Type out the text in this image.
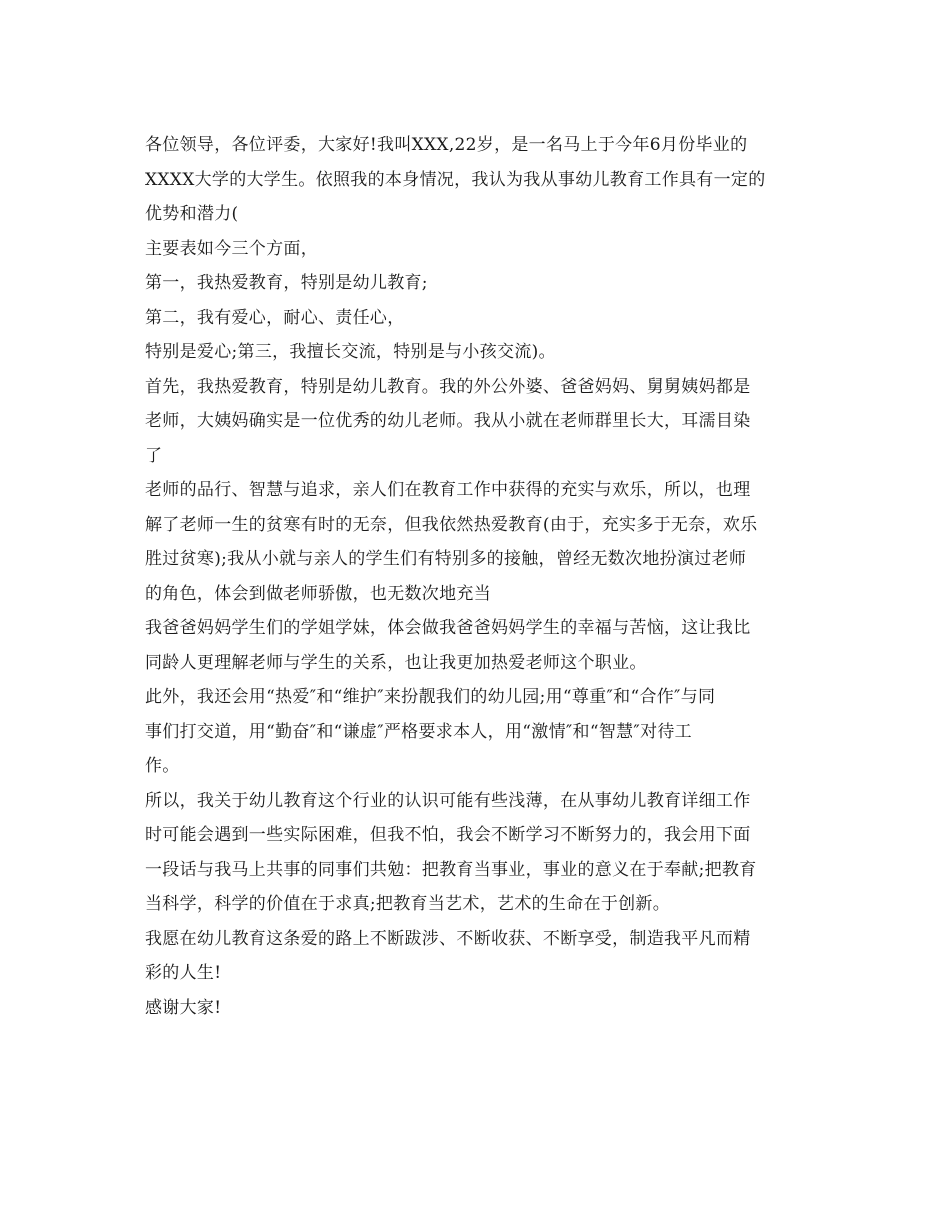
各位领导，各位评委，大家好!我叫XXX,22岁，是一名马上于今年6月份毕业的
XXXX大学的大学生。依照我的本身情况，我认为我从事幼儿教育工作具有一定的
优势和潜力(
主要表如今三个方面，
第一，我热爱教育，特别是幼儿教育;
第二，我有爱心，耐心、责任心，
特别是爱心;第三，我擅长交流，特别是与小孩交流)。
首先，我热爱教育，特别是幼儿教育。我的外公外婆、爸爸妈妈、舅舅姨妈都是
老师，大姨妈确实是一位优秀的幼儿老师。我从小就在老师群里长大，耳濡目染
了
老师的品行、智慧与追求，亲人们在教育工作中获得的充实与欢乐，所以，也理
解了老师一生的贫寒有时的无奈，但我依然热爱教育(由于，充实多于无奈，欢乐
胜过贫寒);我从小就与亲人的学生们有特别多的接触，曾经无数次地扮演过老师
的角色，体会到做老师骄傲，也无数次地充当
我爸爸妈妈学生们的学姐学妹，体会做我爸爸妈妈学生的幸福与苦恼，这让我比
同龄人更理解老师与学生的关系，也让我更加热爱老师这个职业。
此外，我还会用“热爱″和“维护″来扮靓我们的幼儿园;用“尊重″和“合作″与同
事们打交道，用“勤奋″和“谦虚″严格要求本人，用“激情″和“智慧″对待工
作。
所以，我关于幼儿教育这个行业的认识可能有些浅薄，在从事幼儿教育详细工作
时可能会遇到一些实际困难，但我不怕，我会不断学习不断努力的，我会用下面
一段话与我马上共事的同事们共勉：把教育当事业，事业的意义在于奉献;把教育
当科学，科学的价值在于求真;把教育当艺术，艺术的生命在于创新。
我愿在幼儿教育这条爱的路上不断跋涉、不断收获、不断享受，制造我平凡而精
彩的人生!
感谢大家!
